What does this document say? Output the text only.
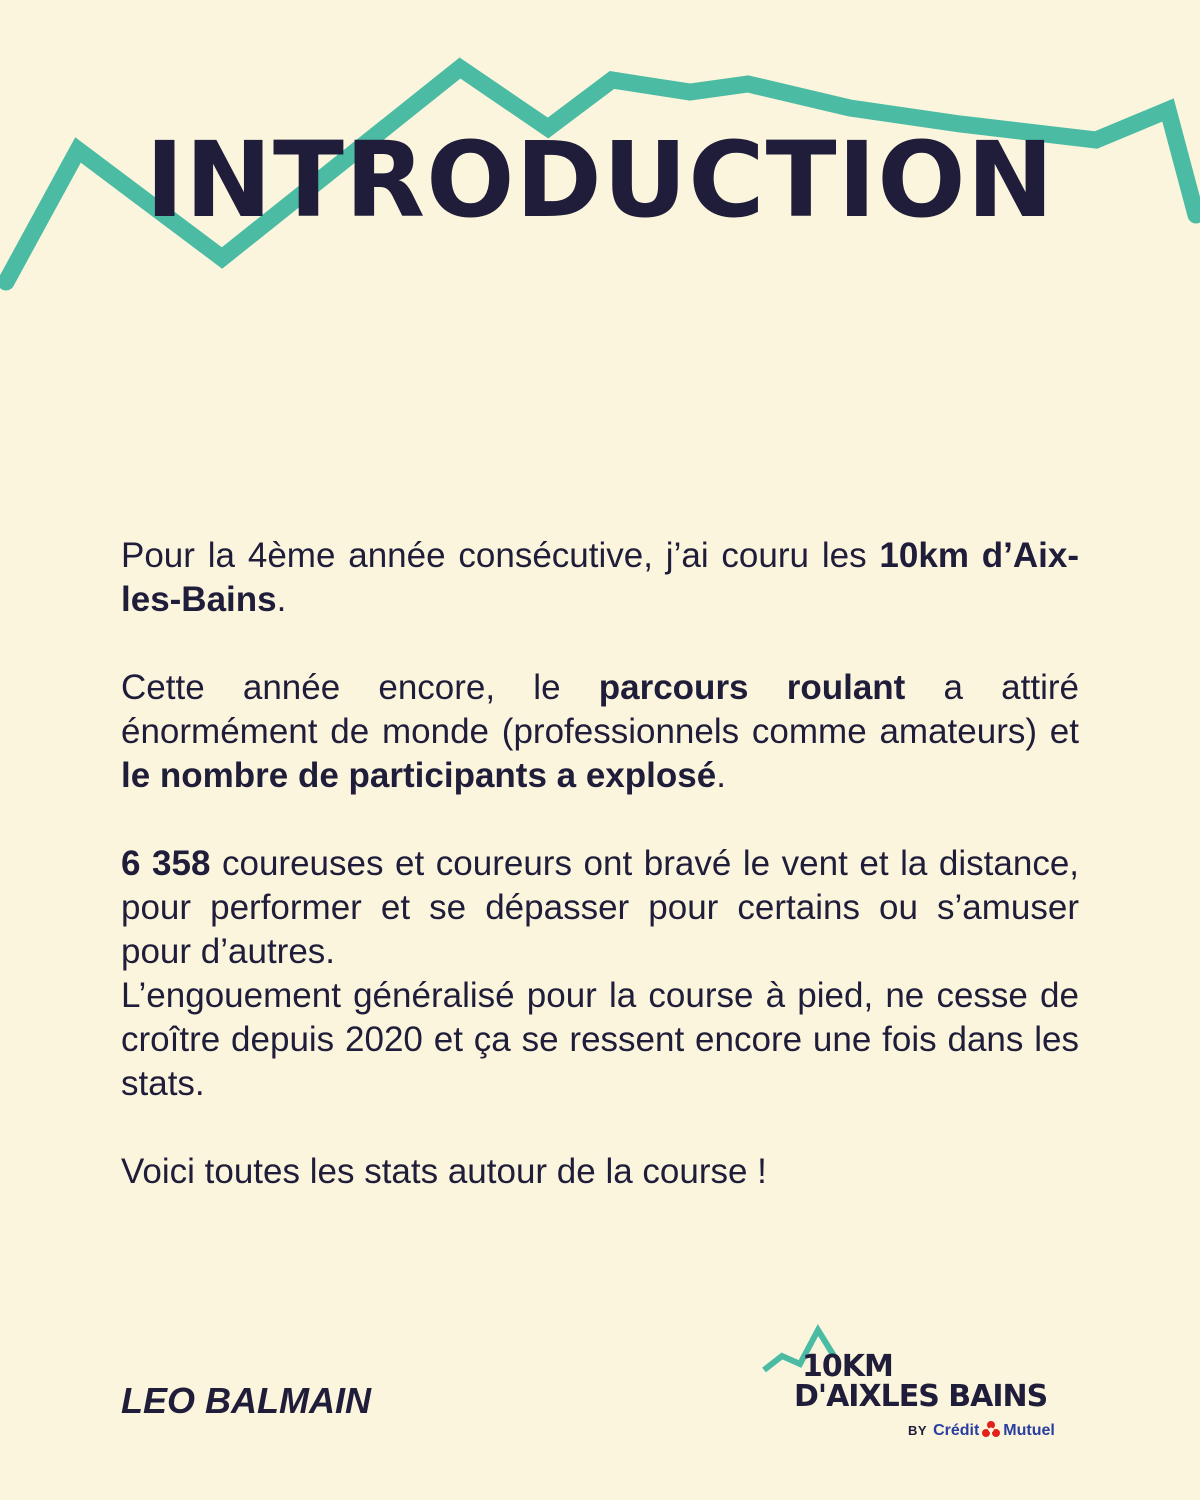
INTRODUCTION

Pour la 4ème année consécutive, j’ai couru les 10km d’Aix-les-Bains.

Cette année encore, le parcours roulant a attiré énormément de monde (professionnels comme amateurs) et le nombre de participants a explosé.

6 358 coureuses et coureurs ont bravé le vent et la distance, pour performer et se dépasser pour certains ou s’amuser pour d’autres.

L’engouement généralisé pour la course à pied, ne cesse de croître depuis 2020 et ça se ressent encore une fois dans les stats.

Voici toutes les stats autour de la course !

LEO BALMAIN
10KM
D'AIXLES BAINS
BY Crédit Mutuel
